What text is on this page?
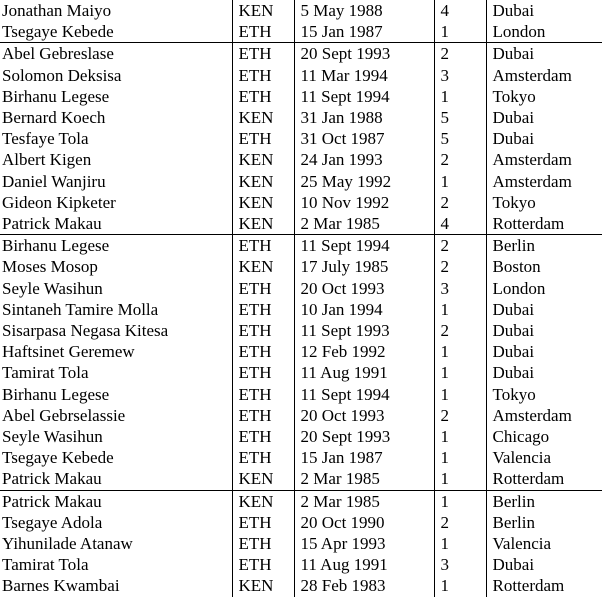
Jonathan Maiyo	KEN	5 May 1988	4	Dubai
Tsegaye Kebede	ETH	15 Jan 1987	1	London
Abel Gebreslase	ETH	20 Sept 1993	2	Dubai
Solomon Deksisa	ETH	11 Mar 1994	3	Amsterdam
Birhanu Legese	ETH	11 Sept 1994	1	Tokyo
Bernard Koech	KEN	31 Jan 1988	5	Dubai
Tesfaye Tola	ETH	31 Oct 1987	5	Dubai
Albert Kigen	KEN	24 Jan 1993	2	Amsterdam
Daniel Wanjiru	KEN	25 May 1992	1	Amsterdam
Gideon Kipketer	KEN	10 Nov 1992	2	Tokyo
Patrick Makau	KEN	2 Mar 1985	4	Rotterdam
Birhanu Legese	ETH	11 Sept 1994	2	Berlin
Moses Mosop	KEN	17 July 1985	2	Boston
Seyle Wasihun	ETH	20 Oct 1993	3	London
Sintaneh Tamire Molla	ETH	10 Jan 1994	1	Dubai
Sisarpasa Negasa Kitesa	ETH	11 Sept 1993	2	Dubai
Haftsinet Geremew	ETH	12 Feb 1992	1	Dubai
Tamirat Tola	ETH	11 Aug 1991	1	Dubai
Birhanu Legese	ETH	11 Sept 1994	1	Tokyo
Abel Gebrselassie	ETH	20 Oct 1993	2	Amsterdam
Seyle Wasihun	ETH	20 Sept 1993	1	Chicago
Tsegaye Kebede	ETH	15 Jan 1987	1	Valencia
Patrick Makau	KEN	2 Mar 1985	1	Rotterdam
Patrick Makau	KEN	2 Mar 1985	1	Berlin
Tsegaye Adola	ETH	20 Oct 1990	2	Berlin
Yihunilade Atanaw	ETH	15 Apr 1993	1	Valencia
Tamirat Tola	ETH	11 Aug 1991	3	Dubai
Barnes Kwambai	KEN	28 Feb 1983	1	Rotterdam
